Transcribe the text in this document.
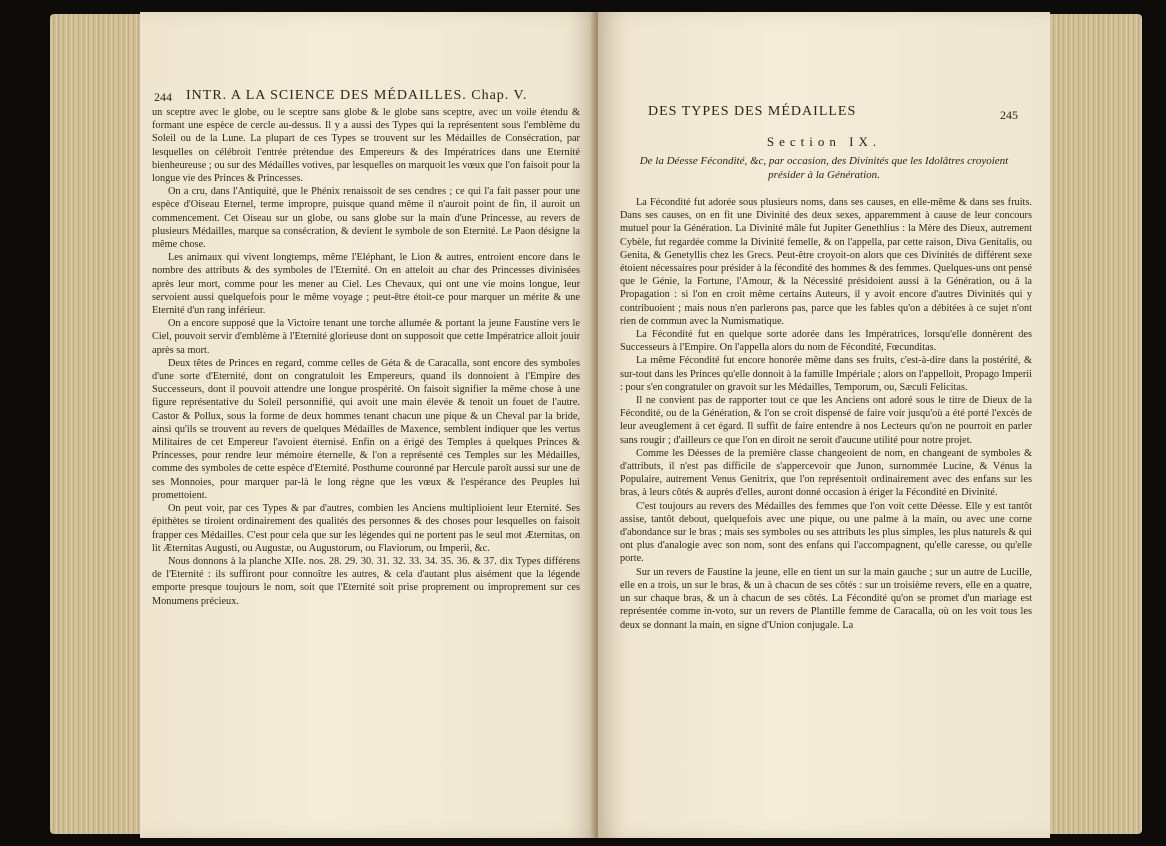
244 INTR. A LA SCIENCE DES MÉDAILLES. Chap. V.

un sceptre avec le globe, ou le sceptre sans globe & le globe sans sceptre, avec un voile étendu & formant une espèce de cercle au-dessus. Il y a aussi des Types qui la représentent sous l'emblème du Soleil ou de la Lune. La plupart de ces Types se trouvent sur les Médailles de Consécration, par lesquelles on célébroit l'entrée prétendue des Empereurs & des Impératrices dans une Eternité bienheureuse ; ou sur des Médailles votives, par lesquelles on marquoit les vœux que l'on faisoit pour la longue vie des Princes & Princesses.

On a cru, dans l'Antiquité, que le Phénix renaissoit de ses cendres ; ce qui l'a fait passer pour une espèce d'Oiseau Eternel, terme impropre, puisque quand même il n'auroit point de fin, il auroit un commencement. Cet Oiseau sur un globe, ou sans globe sur la main d'une Princesse, au revers de plusieurs Médailles, marque sa consécration, & devient le symbole de son Eternité. Le Paon désigne la même chose.

Les animaux qui vivent longtemps, même l'Eléphant, le Lion & autres, entroient encore dans le nombre des attributs & des symboles de l'Eternité. On en atteloit au char des Princesses divinisées après leur mort, comme pour les mener au Ciel. Les Chevaux, qui ont une vie moins longue, leur servoient aussi quelquefois pour le même voyage ; peut-être étoit-ce pour marquer un mérite & une Eternité d'un rang inférieur.

On a encore supposé que la Victoire tenant une torche allumée & portant la jeune Faustine vers le Ciel, pouvoit servir d'emblème à l'Eternité glorieuse dont on supposoit que cette Impératrice alloit jouir après sa mort.

Deux têtes de Princes en regard, comme celles de Géta & de Caracalla, sont encore des symboles d'une sorte d'Eternité, dont on congratuloit les Empereurs, quand ils donnoient à l'Empire des Successeurs, dont il pouvoit attendre une longue prospérité. On faisoit signifier la même chose à une figure représentative du Soleil personnifié, qui avoit une main élevée & tenoit un fouet de l'autre. Castor & Pollux, sous la forme de deux hommes tenant chacun une pique & un Cheval par la bride, ainsi qu'ils se trouvent au revers de quelques Médailles de Maxence, semblent indiquer que les vertus Militaires de cet Empereur l'avoient éternisé. Enfin on a érigé des Temples à quelques Princes & Princesses, pour rendre leur mémoire éternelle, & l'on a représenté ces Temples sur les Médailles, comme des symboles de cette espèce d'Eternité. Posthume couronné par Hercule paroît aussi sur une de ses Monnoies, pour marquer par-là le long règne que les vœux & l'espérance des Peuples lui promettoient.

On peut voir, par ces Types & par d'autres, combien les Anciens multiplioient leur Eternité. Ses épithètes se tiroient ordinairement des qualités des personnes & des choses pour lesquelles on faisoit frapper ces Médailles. C'est pour cela que sur les légendes qui ne portent pas le seul mot Æternitas, on lit Æternitas Augusti, ou Augustæ, ou Augustorum, ou Flaviorum, ou Imperii, &c.

Nous donnons à la planche XIIe. nos. 28. 29. 30. 31. 32. 33. 34. 35. 36. & 37. dix Types différens de l'Eternité : ils suffiront pour connoître les autres, & cela d'autant plus aisément que la légende emporte presque toujours le nom, soit que l'Eternité soit prise proprement ou improprement sur ces Monumens précieux.

DES TYPES DES MÉDAILLES	245
Section IX.
De la Déesse Fécondité, &c, par occasion, des Divinités que les Idolâtres croyoient présider à la Génération.

La Fécondité fut adorée sous plusieurs noms, dans ses causes, en elle-même & dans ses fruits. Dans ses causes, on en fit une Divinité des deux sexes, apparemment à cause de leur concours mutuel pour la Génération. La Divinité mâle fut Jupiter Genethlius : la Mère des Dieux, autrement Cybèle, fut regardée comme la Divinité femelle, & on l'appella, par cette raison, Diva Genitalis, ou Genita, & Genetyllis chez les Grecs. Peut-être croyoit-on alors que ces Divinités de différent sexe étoient nécessaires pour présider à la fécondité des hommes & des femmes. Quelques-uns ont pensé que le Génie, la Fortune, l'Amour, & la Nécessité présidoient aussi à la Génération, ou à la Propagation : si l'on en croit même certains Auteurs, il y avoit encore d'autres Divinités qui y contribuoient ; mais nous n'en parlerons pas, parce que les fables qu'on a débitées à ce sujet n'ont rien de commun avec la Numismatique.

La Fécondité fut en quelque sorte adorée dans les Impératrices, lorsqu'elle donnèrent des Successeurs à l'Empire. On l'appella alors du nom de Fécondité, Fœcunditas.

La même Fécondité fut encore honorée même dans ses fruits, c'est-à-dire dans la postérité, & sur-tout dans les Princes qu'elle donnoit à la famille Impériale ; alors on l'appelloit, Propago Imperii : pour s'en congratuler on gravoit sur les Médailles, Temporum, ou, Sæculi Felicitas.

Il ne convient pas de rapporter tout ce que les Anciens ont adoré sous le titre de Dieux de la Fécondité, ou de la Génération, & l'on se croit dispensé de faire voir jusqu'où a été porté l'excès de leur aveuglement à cet égard. Il suffit de faire entendre à nos Lecteurs qu'on ne pourroit en parler sans rougir ; d'ailleurs ce que l'on en diroit ne seroit d'aucune utilité pour notre projet.

Comme les Déesses de la première classe changeoient de nom, en changeant de symboles & d'attributs, il n'est pas difficile de s'appercevoir que Junon, surnommée Lucine, & Vénus la Populaire, autrement Venus Genitrix, que l'on représentoit ordinairement avec des enfans sur les bras, à leurs côtés & auprès d'elles, auront donné occasion à ériger la Fécondité en Divinité.

C'est toujours au revers des Médailles des femmes que l'on voit cette Déesse. Elle y est tantôt assise, tantôt debout, quelquefois avec une pique, ou une palme à la main, ou avec une corne d'abondance sur le bras ; mais ses symboles ou ses attributs les plus simples, les plus naturels & qui ont plus d'analogie avec son nom, sont des enfans qui l'accompagnent, qu'elle caresse, ou qu'elle porte.

Sur un revers de Faustine la jeune, elle en tient un sur la main gauche ; sur un autre de Lucille, elle en a trois, un sur le bras, & un à chacun de ses côtés : sur un troisième revers, elle en a quatre, un sur chaque bras, & un à chacun de ses côtés. La Fécondité qu'on se promet d'un mariage est représentée comme in-voto, sur un revers de Plantille femme de Caracalla, où on les voit tous les deux se donnant la main, en signe d'Union conjugale. La
